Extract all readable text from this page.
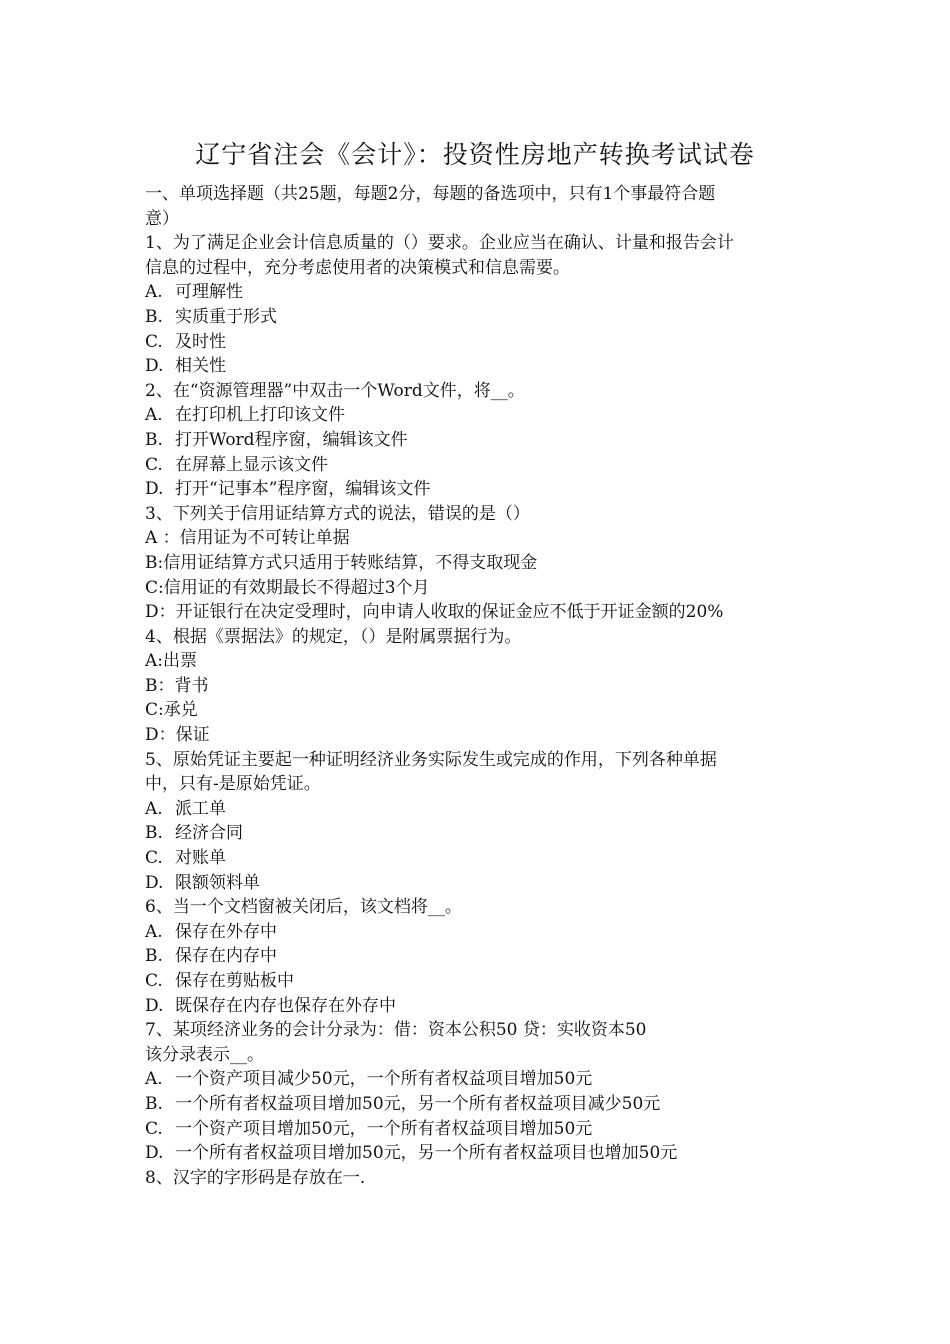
辽宁省注会《会计》：投资性房地产转换考试试卷

一、单项选择题（共25题，每题2分，每题的备选项中，只有1个事最符合题

意）

1、为了满足企业会计信息质量的（）要求。企业应当在确认、计量和报告会计

信息的过程中，充分考虑使用者的决策模式和信息需要。

A. 可理解性

B. 实质重于形式

C. 及时性

D. 相关性

2、在“资源管理器”中双击一个Word文件，将__。

A. 在打印机上打印该文件

B. 打开Word程序窗，编辑该文件

C. 在屏幕上显示该文件

D. 打开“记事本”程序窗，编辑该文件

3、下列关于信用证结算方式的说法，错误的是（）

A ：信用证为不可转让单据

B:信用证结算方式只适用于转账结算，不得支取现金

C:信用证的有效期最长不得超过3个月

D：开证银行在决定受理时，向申请人收取的保证金应不低于开证金额的20%

4、根据《票据法》的规定，（）是附属票据行为。

A:出票

B：背书

C:承兑

D：保证

5、原始凭证主要起一种证明经济业务实际发生或完成的作用，下列各种单据

中，只有-是原始凭证。

A. 派工单

B. 经济合同

C. 对账单

D. 限额领料单

6、当一个文档窗被关闭后，该文档将__。

A. 保存在外存中

B. 保存在内存中

C. 保存在剪贴板中

D. 既保存在内存也保存在外存中

7、某项经济业务的会计分录为：借：资本公积50 贷：实收资本50

该分录表示__。

A. 一个资产项目减少50元，一个所有者权益项目增加50元

B. 一个所有者权益项目增加50元，另一个所有者权益项目减少50元

C. 一个资产项目增加50元，一个所有者权益项目增加50元

D. 一个所有者权益项目增加50元，另一个所有者权益项目也增加50元

8、汉字的字形码是存放在一.
